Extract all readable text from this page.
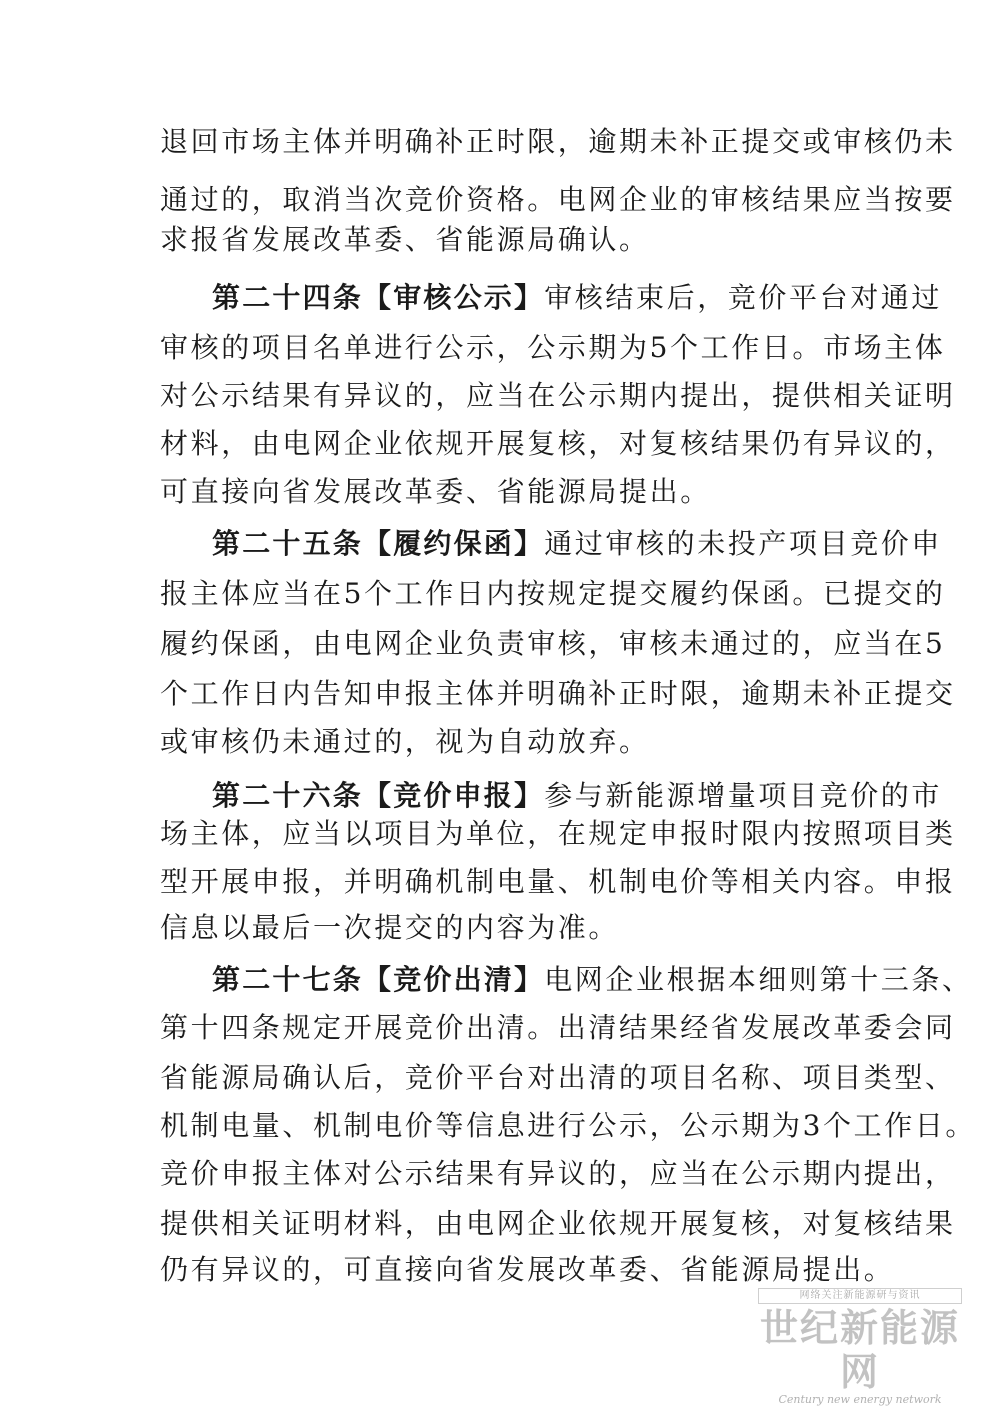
退回市场主体并明确补正时限，逾期未补正提交或审核仍未
通过的，取消当次竞价资格。电网企业的审核结果应当按要
求报省发展改革委、省能源局确认。
第二十四条【审核公示】审核结束后，竞价平台对通过
审核的项目名单进行公示，公示期为5个工作日。市场主体
对公示结果有异议的，应当在公示期内提出，提供相关证明
材料，由电网企业依规开展复核，对复核结果仍有异议的，
可直接向省发展改革委、省能源局提出。
第二十五条【履约保函】通过审核的未投产项目竞价申
报主体应当在5个工作日内按规定提交履约保函。已提交的
履约保函，由电网企业负责审核，审核未通过的，应当在5
个工作日内告知申报主体并明确补正时限，逾期未补正提交
或审核仍未通过的，视为自动放弃。
第二十六条【竞价申报】参与新能源增量项目竞价的市
场主体，应当以项目为单位，在规定申报时限内按照项目类
型开展申报，并明确机制电量、机制电价等相关内容。申报
信息以最后一次提交的内容为准。
第二十七条【竞价出清】电网企业根据本细则第十三条、
第十四条规定开展竞价出清。出清结果经省发展改革委会同
省能源局确认后，竞价平台对出清的项目名称、项目类型、
机制电量、机制电价等信息进行公示，公示期为3个工作日。
竞价申报主体对公示结果有异议的，应当在公示期内提出，
提供相关证明材料，由电网企业依规开展复核，对复核结果
仍有异议的，可直接向省发展改革委、省能源局提出。
网络关注新能源研与资讯
世纪新能源网
Century new energy network
